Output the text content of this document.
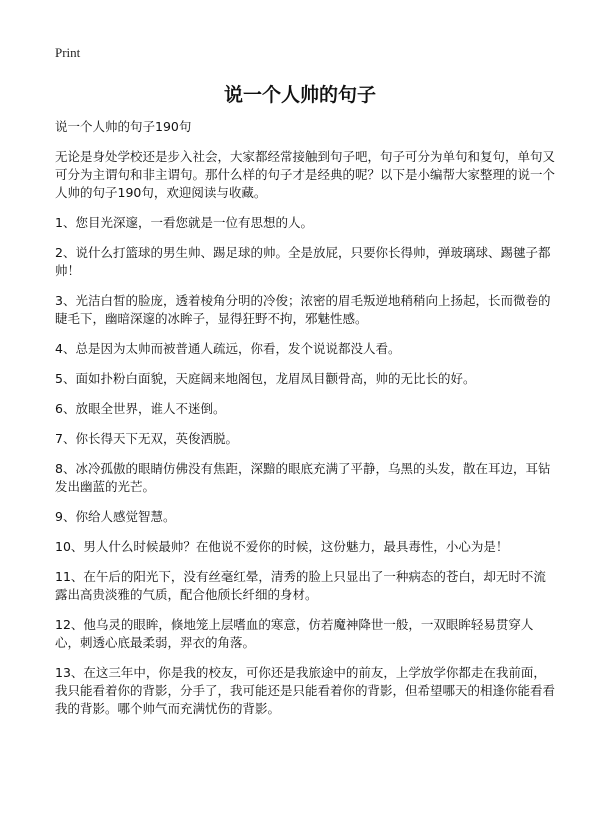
Print
说一个人帅的句子

说一个人帅的句子190句

无论是身处学校还是步入社会，大家都经常接触到句子吧，句子可分为单句和复句，单句又可分为主谓句和非主谓句。那什么样的句子才是经典的呢？以下是小编帮大家整理的说一个人帅的句子190句，欢迎阅读与收藏。

1、您目光深邃，一看您就是一位有思想的人。

2、说什么打篮球的男生帅、踢足球的帅。全是放屁，只要你长得帅，弹玻璃球、踢毽子都帅！

3、光洁白皙的脸庞，透着棱角分明的冷俊；浓密的眉毛叛逆地稍稍向上扬起，长而微卷的睫毛下，幽暗深邃的冰眸子，显得狂野不拘，邪魅性感。

4、总是因为太帅而被普通人疏远，你看，发个说说都没人看。

5、面如扑粉白面貌，天庭阔来地阁包，龙眉凤目颧骨高，帅的无比长的好。

6、放眼全世界，谁人不迷倒。

7、你长得天下无双，英俊洒脱。

8、冰冷孤傲的眼睛仿佛没有焦距，深黯的眼底充满了平静，乌黑的头发，散在耳边，耳钻发出幽蓝的光芒。

9、你给人感觉智慧。

10、男人什么时候最帅？在他说不爱你的时候，这份魅力，最具毒性，小心为是！

11、在午后的阳光下，没有丝毫红晕，清秀的脸上只显出了一种病态的苍白，却无时不流露出高贵淡雅的气质，配合他颀长纤细的身材。

12、他乌灵的眼眸，倏地笼上层嗜血的寒意，仿若魔神降世一般，一双眼眸轻易贯穿人心，刺透心底最柔弱，羿衣的角落。

13、在这三年中，你是我的校友，可你还是我旅途中的前友，上学放学你都走在我前面，我只能看着你的背影，分手了，我可能还是只能看着你的背影，但希望哪天的相逢你能看看我的背影。哪个帅气而充满忧伤的背影。
